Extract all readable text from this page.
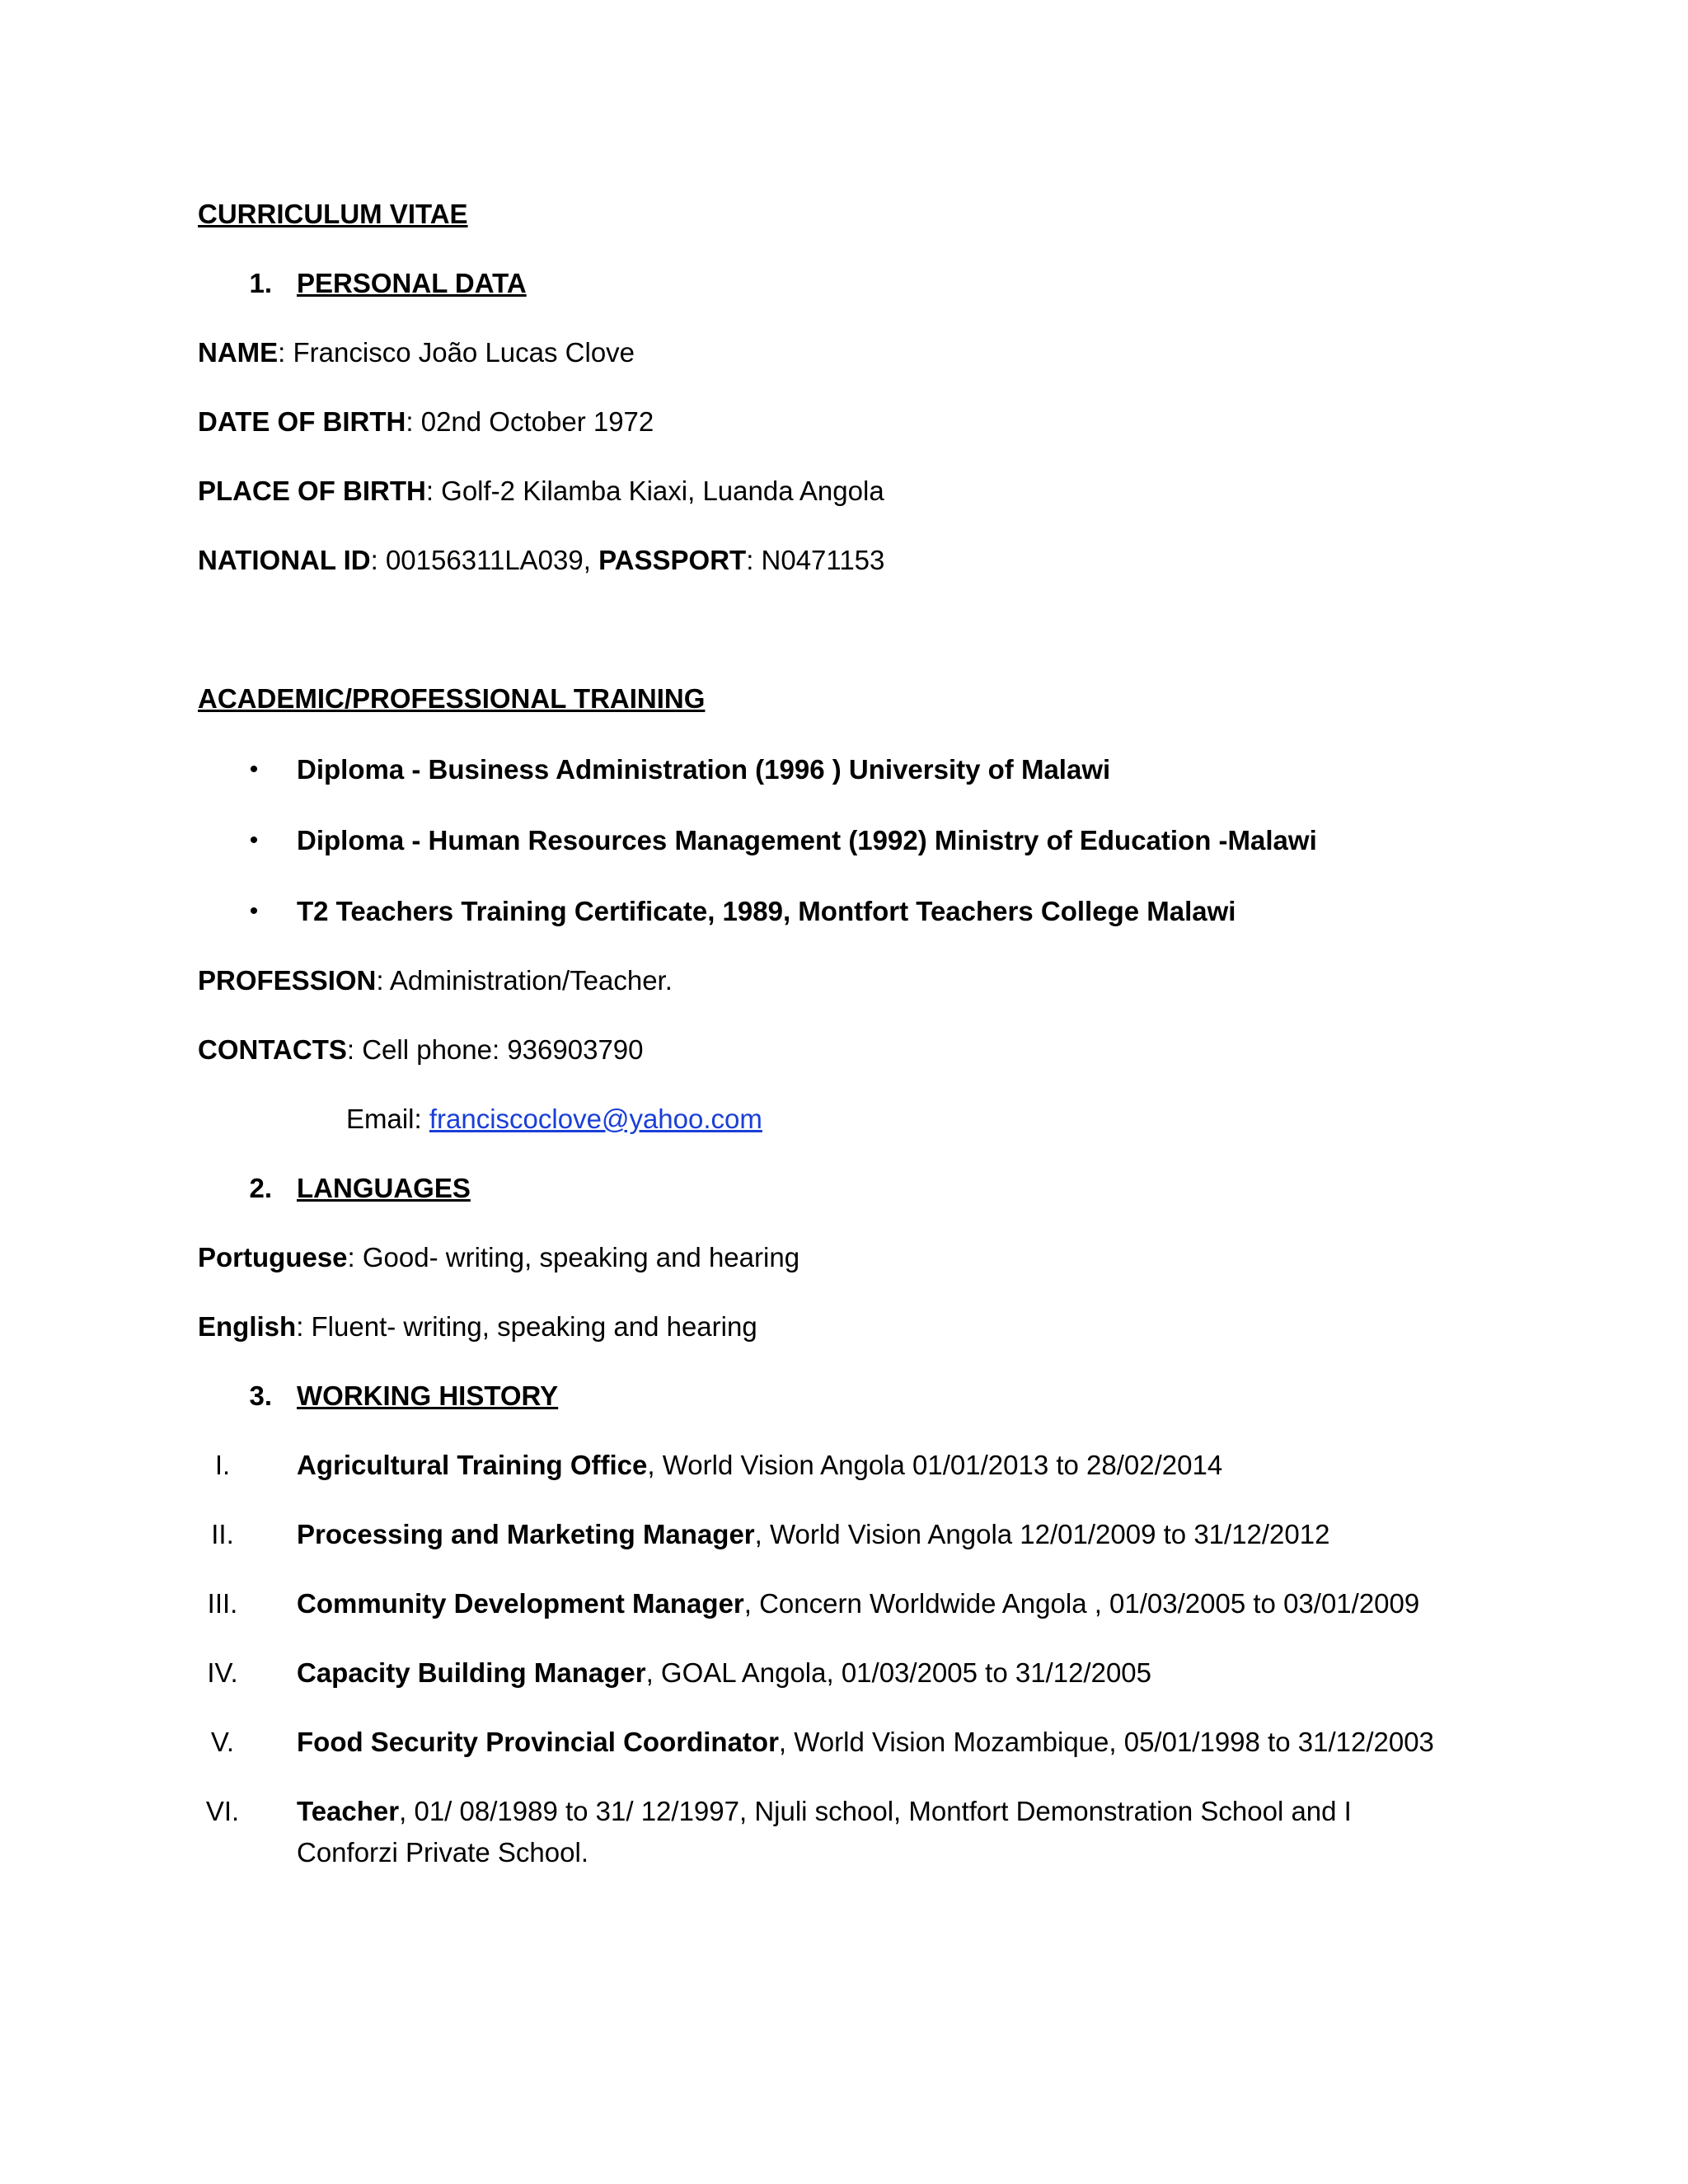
CURRICULUM VITAE
1. PERSONAL DATA
NAME: Francisco João Lucas Clove
DATE OF BIRTH: 02nd October 1972
PLACE OF BIRTH: Golf-2 Kilamba Kiaxi, Luanda Angola
NATIONAL ID: 00156311LA039, PASSPORT: N0471153
ACADEMIC/PROFESSIONAL TRAINING
• Diploma - Business Administration (1996 ) University of Malawi
• Diploma - Human Resources Management (1992) Ministry of Education -Malawi
• T2 Teachers Training Certificate, 1989, Montfort Teachers College Malawi
PROFESSION: Administration/Teacher.
CONTACTS: Cell phone: 936903790
Email: franciscoclove@yahoo.com
2. LANGUAGES
Portuguese: Good- writing, speaking and hearing
English: Fluent- writing, speaking and hearing
3. WORKING HISTORY
I.	Agricultural Training Office, World Vision Angola 01/01/2013 to 28/02/2014
II.	Processing and Marketing Manager, World Vision Angola 12/01/2009 to 31/12/2012
III.	Community Development Manager, Concern Worldwide Angola , 01/03/2005 to 03/01/2009
IV.	Capacity Building Manager, GOAL Angola, 01/03/2005 to 31/12/2005
V.	Food Security Provincial Coordinator, World Vision Mozambique, 05/01/1998 to 31/12/2003
VI. Teacher, 01/ 08/1989 to 31/ 12/1997, Njuli school, Montfort Demonstration School and I
Conforzi Private School.
